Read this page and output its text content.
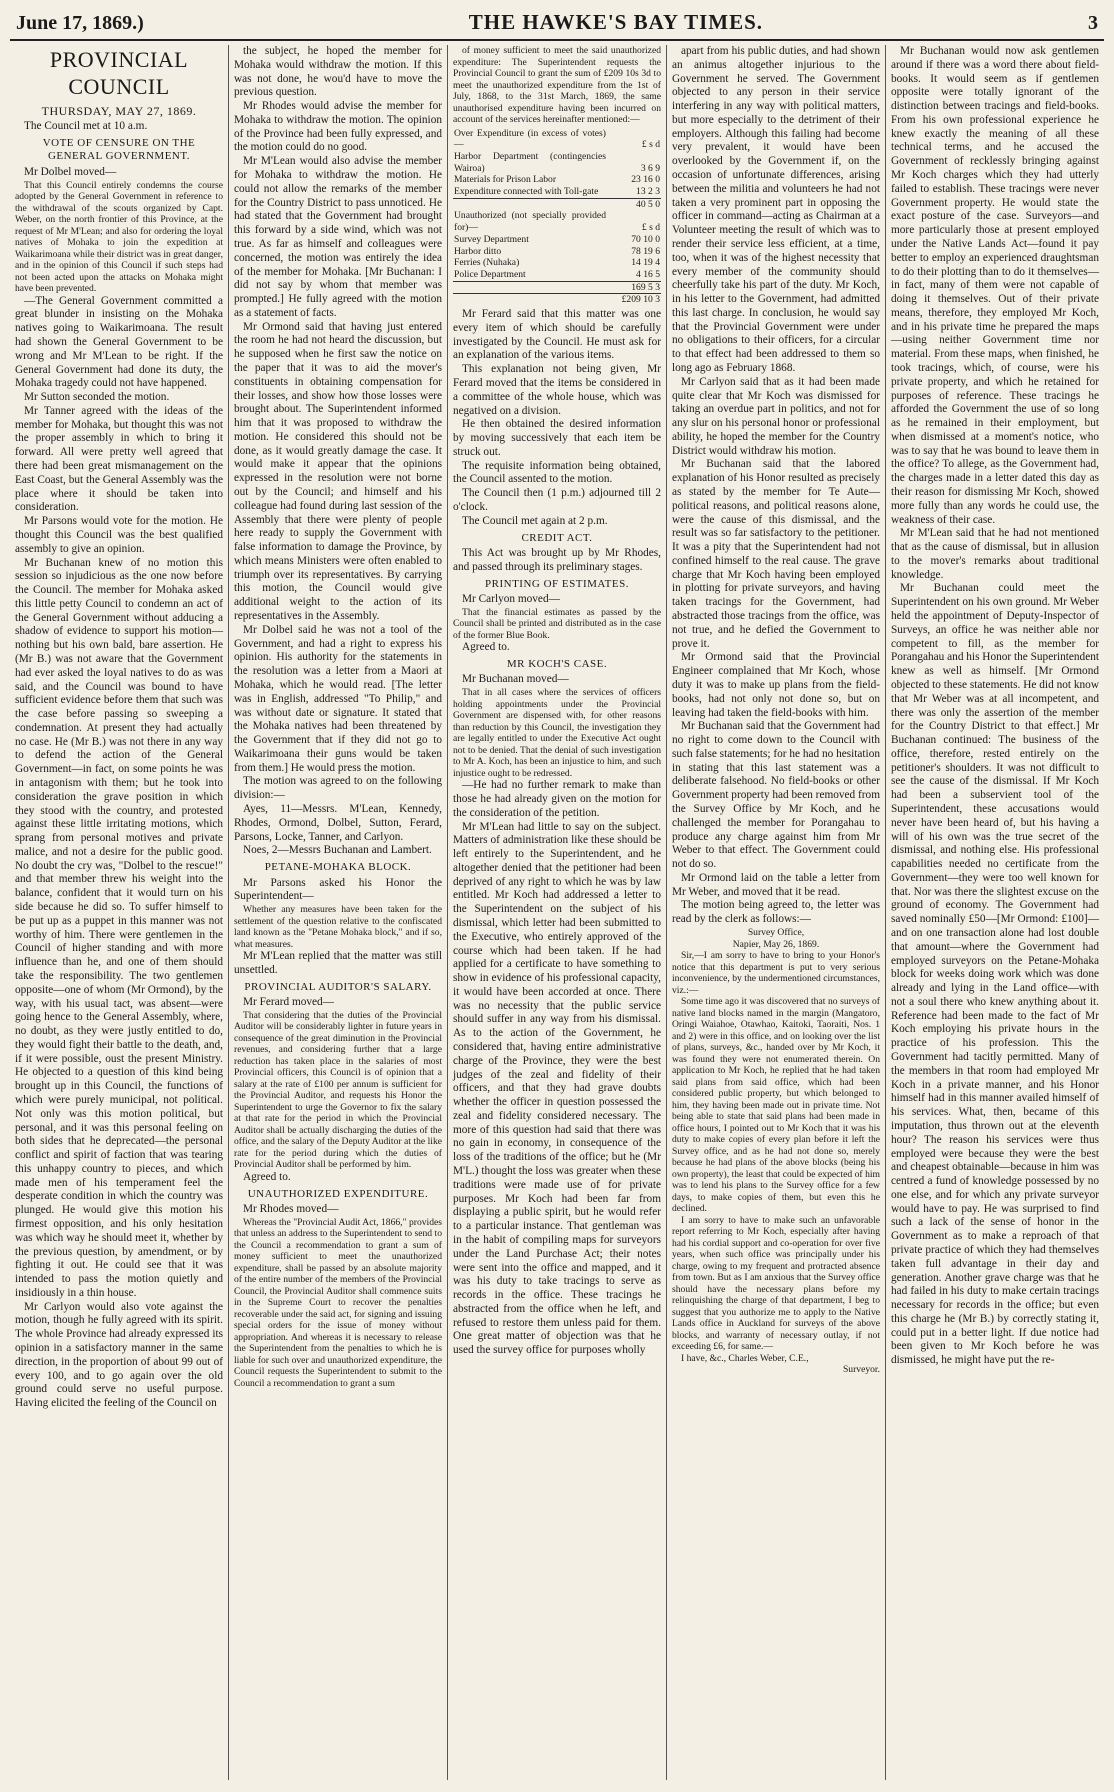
June 17, 1869.)	THE HAWKE'S BAY TIMES.	3
PROVINCIAL COUNCIL
THURSDAY, MAY 27, 1869.

The Council met at 10 a.m.

VOTE OF CENSURE ON THE GENERAL GOVERNMENT.

Mr Dolbel moved—

That this Council entirely condemns the course adopted by the General Government in reference to the withdrawal of the scouts organized by Capt. Weber, on the north frontier of this Province, at the request of Mr M'Lean; and also for ordering the loyal natives of Mohaka to join the expedition at Waikarimoana while their district was in great danger, and in the opinion of this Council if such steps had not been acted upon the attacks on Mohaka might have been prevented.

—The General Government committed a great blunder in insisting on the Mohaka natives going to Waikarimoana. The result had shown the General Government to be wrong and Mr M'Lean to be right. If the General Government had done its duty, the Mohaka tragedy could not have happened.

Mr Sutton seconded the motion.

Mr Tanner agreed with the ideas of the member for Mohaka, but thought this was not the proper assembly in which to bring it forward. All were pretty well agreed that there had been great mismanagement on the East Coast, but the General Assembly was the place where it should be taken into consideration.

Mr Parsons would vote for the motion. He thought this Council was the best qualified assembly to give an opinion.

Mr Buchanan knew of no motion this session so injudicious as the one now before the Council. The member for Mohaka asked this little petty Council to condemn an act of the General Government without adducing a shadow of evidence to support his motion—nothing but his own bald, bare assertion. He (Mr B.) was not aware that the Government had ever asked the loyal natives to do as was said, and the Council was bound to have sufficient evidence before them that such was the case before passing so sweeping a condemnation. At present they had actually no case. He (Mr B.) was not there in any way to defend the action of the General Government—in fact, on some points he was in antagonism with them; but he took into consideration the grave position in which they stood with the country, and protested against these little irritating motions, which sprang from personal motives and private malice, and not a desire for the public good. No doubt the cry was, "Dolbel to the rescue!" and that member threw his weight into the balance, confident that it would turn on his side because he did so. To suffer himself to be put up as a puppet in this manner was not worthy of him. There were gentlemen in the Council of higher standing and with more influence than he, and one of them should take the responsibility. The two gentlemen opposite—one of whom (Mr Ormond), by the way, with his usual tact, was absent—were going hence to the General Assembly, where, no doubt, as they were justly entitled to do, they would fight their battle to the death, and, if it were possible, oust the present Ministry. He objected to a question of this kind being brought up in this Council, the functions of which were purely municipal, not political. Not only was this motion political, but personal, and it was this personal feeling on both sides that he deprecated—the personal conflict and spirit of faction that was tearing this unhappy country to pieces, and which made men of his temperament feel the desperate condition in which the country was plunged. He would give this motion his firmest opposition, and his only hesitation was which way he should meet it, whether by the previous question, by amendment, or by fighting it out. He could see that it was intended to pass the motion quietly and insidiously in a thin house.

Mr Carlyon would also vote against the motion, though he fully agreed with its spirit. The whole Province had already expressed its opinion in a satisfactory manner in the same direction, in the proportion of about 99 out of every 100, and to go again over the old ground could serve no useful purpose. Having elicited the feeling of the Council on

the subject, he hoped the member for Mohaka would withdraw the motion. If this was not done, he wou'd have to move the previous question.

Mr Rhodes would advise the member for Mohaka to withdraw the motion. The opinion of the Province had been fully expressed, and the motion could do no good.

Mr M'Lean would also advise the member for Mohaka to withdraw the motion. He could not allow the remarks of the member for the Country District to pass unnoticed. He had stated that the Government had brought this forward by a side wind, which was not true. As far as himself and colleagues were concerned, the motion was entirely the idea of the member for Mohaka. [Mr Buchanan: I did not say by whom that member was prompted.] He fully agreed with the motion as a statement of facts.

Mr Ormond said that having just entered the room he had not heard the discussion, but he supposed when he first saw the notice on the paper that it was to aid the mover's constituents in obtaining compensation for their losses, and show how those losses were brought about. The Superintendent informed him that it was proposed to withdraw the motion. He considered this should not be done, as it would greatly damage the case. It would make it appear that the opinions expressed in the resolution were not borne out by the Council; and himself and his colleague had found during last session of the Assembly that there were plenty of people here ready to supply the Government with false information to damage the Province, by which means Ministers were often enabled to triumph over its representatives. By carrying this motion, the Council would give additional weight to the action of its representatives in the Assembly.

Mr Dolbel said he was not a tool of the Government, and had a right to express his opinion. His authority for the statements in the resolution was a letter from a Maori at Mohaka, which he would read. [The letter was in English, addressed "To Philip," and was without date or signature. It stated that the Mohaka natives had been threatened by the Government that if they did not go to Waikarimoana their guns would be taken from them.] He would press the motion.

The motion was agreed to on the following division:—

Ayes, 11—Messrs. M'Lean, Kennedy, Rhodes, Ormond, Dolbel, Sutton, Ferard, Parsons, Locke, Tanner, and Carlyon.

Noes, 2—Messrs Buchanan and Lambert.

PETANE-MOHAKA BLOCK.

Mr Parsons asked his Honor the Superintendent—

Whether any measures have been taken for the settlement of the question relative to the confiscated land known as the "Petane Mohaka block," and if so, what measures.

Mr M'Lean replied that the matter was still unsettled.

PROVINCIAL AUDITOR'S SALARY.

Mr Ferard moved—

That considering that the duties of the Provincial Auditor will be considerably lighter in future years in consequence of the great diminution in the Provincial revenues, and considering further that a large reduction has taken place in the salaries of most Provincial officers, this Council is of opinion that a salary at the rate of £100 per annum is sufficient for the Provincial Auditor, and requests his Honor the Superintendent to urge the Governor to fix the salary at that rate for the period in which the Provincial Auditor shall be actually discharging the duties of the office, and the salary of the Deputy Auditor at the like rate for the period during which the duties of Provincial Auditor shall be performed by him.

Agreed to.

UNAUTHORIZED EXPENDITURE.

Mr Rhodes moved—

Whereas the "Provincial Audit Act, 1866," provides that unless an address to the Superintendent to send to the Council a recommendation to grant a sum of money sufficient to meet the unauthorized expenditure, shall be passed by an absolute majority of the entire number of the members of the Provincial Council, the Provincial Auditor shall commence suits in the Supreme Court to recover the penalties recoverable under the said act, for signing and issuing special orders for the issue of money without appropriation. And whereas it is necessary to release the Superintendent from the penalties to which he is liable for such over and unauthorized expenditure, the Council requests the Superintendent to submit to the Council a recommendation to grant a sum

of money sufficient to meet the said unauthorized expenditure: The Superintendent requests the Provincial Council to grant the sum of £209 10s 3d to meet the unauthorized expenditure from the 1st of July, 1868, to the 31st March, 1869, the same unauthorised expenditure having been incurred on account of the services hereinafter mentioned:—

Over Expenditure (in excess of votes)—	£ s d
Harbor Department (contingencies Wairoa)	3 6 9
Materials for Prison Labor	23 16 0
Expenditure connected with Toll-gate	13 2 3
	40 5 0
Unauthorized (not specially provided for)—	£ s d
Survey Department	70 10 0
Harbor ditto	78 19 6
Ferries (Nuhaka)	14 19 4
Police Department	4 16 5
	169 5 3
	£209 10 3

Mr Ferard said that this matter was one every item of which should be carefully investigated by the Council. He must ask for an explanation of the various items.

This explanation not being given, Mr Ferard moved that the items be considered in a committee of the whole house, which was negatived on a division.

He then obtained the desired information by moving successively that each item be struck out.

The requisite information being obtained, the Council assented to the motion.

The Council then (1 p.m.) adjourned till 2 o'clock.

The Council met again at 2 p.m.

CREDIT ACT.

This Act was brought up by Mr Rhodes, and passed through its preliminary stages.

PRINTING OF ESTIMATES.

Mr Carlyon moved—

That the financial estimates as passed by the Council shall be printed and distributed as in the case of the former Blue Book.

Agreed to.

MR KOCH'S CASE.

Mr Buchanan moved—

That in all cases where the services of officers holding appointments under the Provincial Government are dispensed with, for other reasons than reduction by this Council, the investigation they are legally entitled to under the Executive Act ought not to be denied. That the denial of such investigation to Mr A. Koch, has been an injustice to him, and such injustice ought to be redressed.

—He had no further remark to make than those he had already given on the motion for the consideration of the petition.

Mr M'Lean had little to say on the subject. Matters of administration like these should be left entirely to the Superintendent, and he altogether denied that the petitioner had been deprived of any right to which he was by law entitled. Mr Koch had addressed a letter to the Superintendent on the subject of his dismissal, which letter had been submitted to the Executive, who entirely approved of the course which had been taken. If he had applied for a certificate to have something to show in evidence of his professional capacity, it would have been accorded at once. There was no necessity that the public service should suffer in any way from his dismissal. As to the action of the Government, he considered that, having entire administrative charge of the Province, they were the best judges of the zeal and fidelity of their officers, and that they had grave doubts whether the officer in question possessed the zeal and fidelity considered necessary. The more of this question had said that there was no gain in economy, in consequence of the loss of the traditions of the office; but he (Mr M'L.) thought the loss was greater when these traditions were made use of for private purposes. Mr Koch had been far from displaying a public spirit, but he would refer to a particular instance. That gentleman was in the habit of compiling maps for surveyors under the Land Purchase Act; their notes were sent into the office and mapped, and it was his duty to take tracings to serve as records in the office. These tracings he abstracted from the office when he left, and refused to restore them unless paid for them. One great matter of objection was that he used the survey office for purposes wholly

apart from his public duties, and had shown an animus altogether injurious to the Government he served. The Government objected to any person in their service interfering in any way with political matters, but more especially to the detriment of their employers. Although this failing had become very prevalent, it would have been overlooked by the Government if, on the occasion of unfortunate differences, arising between the militia and volunteers he had not taken a very prominent part in opposing the officer in command—acting as Chairman at a Volunteer meeting the result of which was to render their service less efficient, at a time, too, when it was of the highest necessity that every member of the community should cheerfully take his part of the duty. Mr Koch, in his letter to the Government, had admitted this last charge. In conclusion, he would say that the Provincial Government were under no obligations to their officers, for a circular to that effect had been addressed to them so long ago as February 1868.

Mr Carlyon said that as it had been made quite clear that Mr Koch was dismissed for taking an overdue part in politics, and not for any slur on his personal honor or professional ability, he hoped the member for the Country District would withdraw his motion.

Mr Buchanan said that the labored explanation of his Honor resulted as precisely as stated by the member for Te Aute—political reasons, and political reasons alone, were the cause of this dismissal, and the result was so far satisfactory to the petitioner. It was a pity that the Superintendent had not confined himself to the real cause. The grave charge that Mr Koch having been employed in plotting for private surveyors, and having taken tracings for the Government, had abstracted those tracings from the office, was not true, and he defied the Government to prove it.

Mr Ormond said that the Provincial Engineer complained that Mr Koch, whose duty it was to make up plans from the field-books, had not only not done so, but on leaving had taken the field-books with him.

Mr Buchanan said that the Government had no right to come down to the Council with such false statements; for he had no hesitation in stating that this last statement was a deliberate falsehood. No field-books or other Government property had been removed from the Survey Office by Mr Koch, and he challenged the member for Porangahau to produce any charge against him from Mr Weber to that effect. The Government could not do so.

Mr Ormond laid on the table a letter from Mr Weber, and moved that it be read.

The motion being agreed to, the letter was read by the clerk as follows:—

Survey Office,

Napier, May 26, 1869.

Sir,—I am sorry to have to bring to your Honor's notice that this department is put to very serious inconvenience, by the undermentioned circumstances, viz.:—

Some time ago it was discovered that no surveys of native land blocks named in the margin (Mangatoro, Oringi Waiahoe, Otawhao, Kaitoki, Taoraiti, Nos. 1 and 2) were in this office, and on looking over the list of plans, surveys, &c., handed over by Mr Koch, it was found they were not enumerated therein. On application to Mr Koch, he replied that he had taken said plans from said office, which had been considered public property, but which belonged to him, they having been made out in private time. Not being able to state that said plans had been made in office hours, I pointed out to Mr Koch that it was his duty to make copies of every plan before it left the Survey office, and as he had not done so, merely because he had plans of the above blocks (being his own property), the least that could be expected of him was to lend his plans to the Survey office for a few days, to make copies of them, but even this he declined.

I am sorry to have to make such an unfavorable report referring to Mr Koch, especially after having had his cordial support and co-operation for over five years, when such office was principally under his charge, owing to my frequent and protracted absence from town. But as I am anxious that the Survey office should have the necessary plans before my relinquishing the charge of that department, I beg to suggest that you authorize me to apply to the Native Lands office in Auckland for surveys of the above blocks, and warranty of necessary outlay, if not exceeding £6, for same.—

I have, &c., Charles Weber, C.E.,

Surveyor.

Mr Buchanan would now ask gentlemen around if there was a word there about field-books. It would seem as if gentlemen opposite were totally ignorant of the distinction between tracings and field-books. From his own professional experience he knew exactly the meaning of all these technical terms, and he accused the Government of recklessly bringing against Mr Koch charges which they had utterly failed to establish. These tracings were never Government property. He would state the exact posture of the case. Surveyors—and more particularly those at present employed under the Native Lands Act—found it pay better to employ an experienced draughtsman to do their plotting than to do it themselves—in fact, many of them were not capable of doing it themselves. Out of their private means, therefore, they employed Mr Koch, and in his private time he prepared the maps—using neither Government time nor material. From these maps, when finished, he took tracings, which, of course, were his private property, and which he retained for purposes of reference. These tracings he afforded the Government the use of so long as he remained in their employment, but when dismissed at a moment's notice, who was to say that he was bound to leave them in the office? To allege, as the Government had, the charges made in a letter dated this day as their reason for dismissing Mr Koch, showed more fully than any words he could use, the weakness of their case.

Mr M'Lean said that he had not mentioned that as the cause of dismissal, but in allusion to the mover's remarks about traditional knowledge.

Mr Buchanan could meet the Superintendent on his own ground. Mr Weber held the appointment of Deputy-Inspector of Surveys, an office he was neither able nor competent to fill, as the member for Porangahau and his Honor the Superintendent knew as well as himself. [Mr Ormond objected to these statements. He did not know that Mr Weber was at all incompetent, and there was only the assertion of the member for the Country District to that effect.] Mr Buchanan continued: The business of the office, therefore, rested entirely on the petitioner's shoulders. It was not difficult to see the cause of the dismissal. If Mr Koch had been a subservient tool of the Superintendent, these accusations would never have been heard of, but his having a will of his own was the true secret of the dismissal, and nothing else. His professional capabilities needed no certificate from the Government—they were too well known for that. Nor was there the slightest excuse on the ground of economy. The Government had saved nominally £50—[Mr Ormond: £100]—and on one transaction alone had lost double that amount—where the Government had employed surveyors on the Petane-Mohaka block for weeks doing work which was done already and lying in the Land office—with not a soul there who knew anything about it. Reference had been made to the fact of Mr Koch employing his private hours in the practice of his profession. This the Government had tacitly permitted. Many of the members in that room had employed Mr Koch in a private manner, and his Honor himself had in this manner availed himself of his services. What, then, became of this imputation, thus thrown out at the eleventh hour? The reason his services were thus employed were because they were the best and cheapest obtainable—because in him was centred a fund of knowledge possessed by no one else, and for which any private surveyor would have to pay. He was surprised to find such a lack of the sense of honor in the Government as to make a reproach of that private practice of which they had themselves taken full advantage in their day and generation. Another grave charge was that he had failed in his duty to make certain tracings necessary for records in the office; but even this charge he (Mr B.) by correctly stating it, could put in a better light. If due notice had been given to Mr Koch before he was dismissed, he might have put the re-
